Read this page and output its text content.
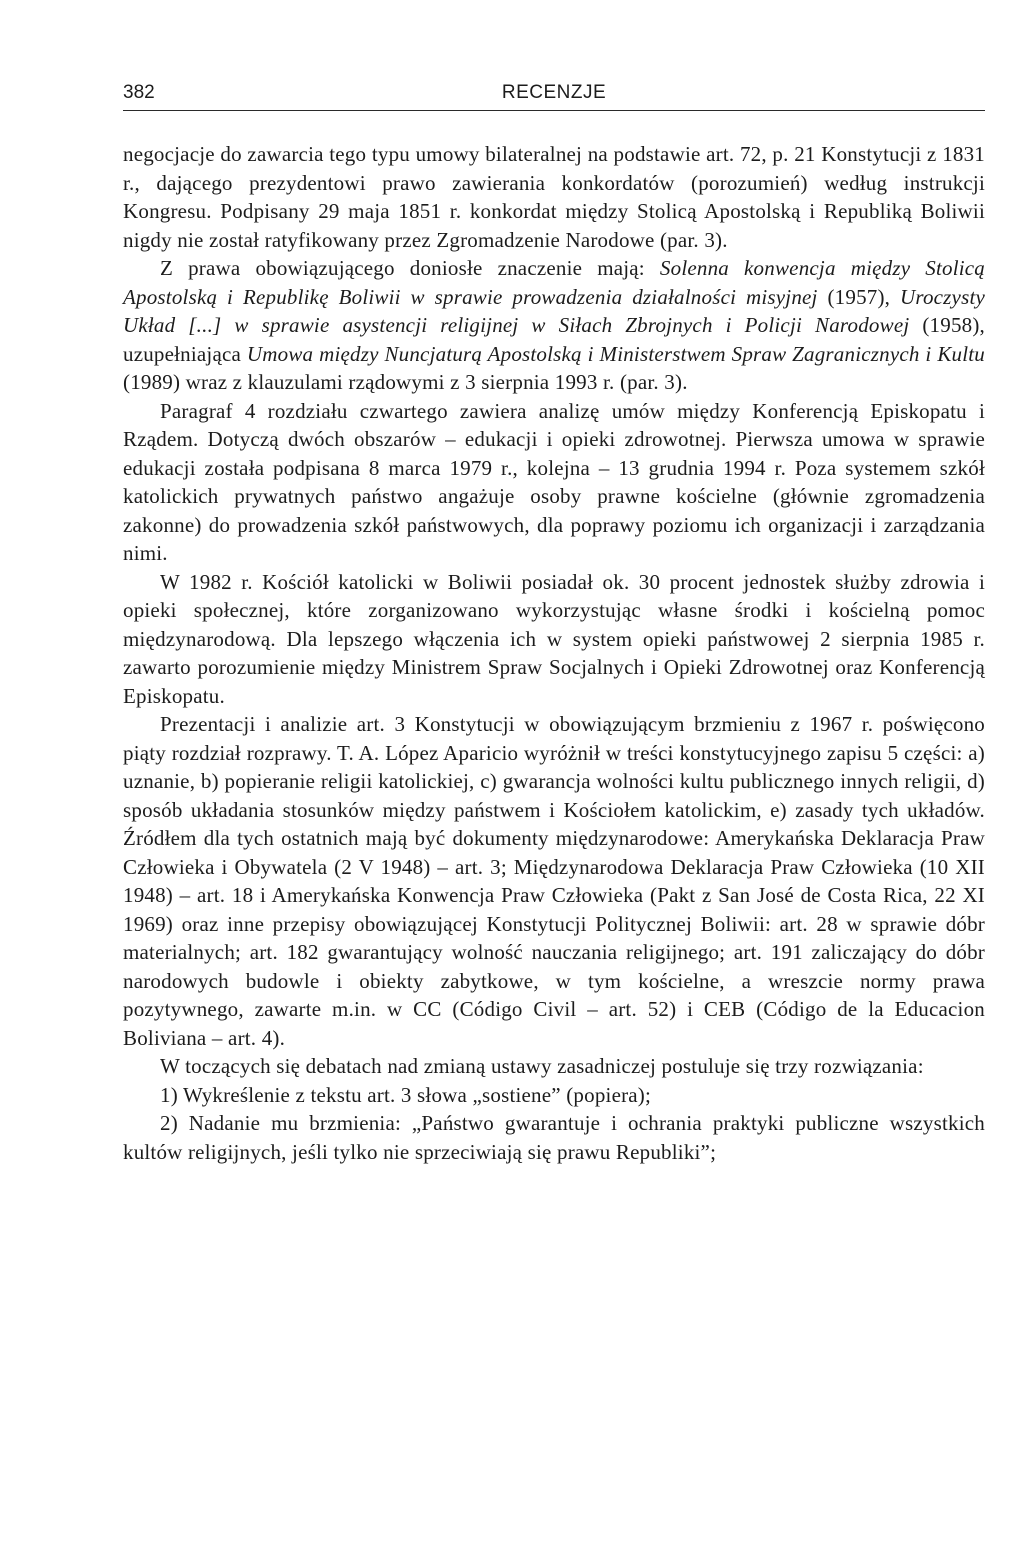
382	RECENZJE

negocjacje do zawarcia tego typu umowy bilateralnej na podstawie art. 72, p. 21 Konstytucji z 1831 r., dającego prezydentowi prawo zawierania konkordatów (porozumień) według instrukcji Kongresu. Podpisany 29 maja 1851 r. konkordat między Stolicą Apostolską i Republiką Boliwii nigdy nie został ratyfikowany przez Zgromadzenie Narodowe (par. 3).

Z prawa obowiązującego doniosłe znaczenie mają: Solenna konwencja między Stolicą Apostolską i Republikę Boliwii w sprawie prowadzenia działalności misyjnej (1957), Uroczysty Układ [...] w sprawie asystencji religijnej w Siłach Zbrojnych i Policji Narodowej (1958), uzupełniająca Umowa między Nuncjaturą Apostolską i Ministerstwem Spraw Zagranicznych i Kultu (1989) wraz z klauzulami rządowymi z 3 sierpnia 1993 r. (par. 3).

Paragraf 4 rozdziału czwartego zawiera analizę umów między Konferencją Episkopatu i Rządem. Dotyczą dwóch obszarów – edukacji i opieki zdrowotnej. Pierwsza umowa w sprawie edukacji została podpisana 8 marca 1979 r., kolejna – 13 grudnia 1994 r. Poza systemem szkół katolickich prywatnych państwo angażuje osoby prawne kościelne (głównie zgromadzenia zakonne) do prowadzenia szkół państwowych, dla poprawy poziomu ich organizacji i zarządzania nimi.

W 1982 r. Kościół katolicki w Boliwii posiadał ok. 30 procent jednostek służby zdrowia i opieki społecznej, które zorganizowano wykorzystując własne środki i kościelną pomoc międzynarodową. Dla lepszego włączenia ich w system opieki państwowej 2 sierpnia 1985 r. zawarto porozumienie między Ministrem Spraw Socjalnych i Opieki Zdrowotnej oraz Konferencją Episkopatu.

Prezentacji i analizie art. 3 Konstytucji w obowiązującym brzmieniu z 1967 r. poświęcono piąty rozdział rozprawy. T. A. López Aparicio wyróżnił w treści konstytucyjnego zapisu 5 części: a) uznanie, b) popieranie religii katolickiej, c) gwarancja wolności kultu publicznego innych religii, d) sposób układania stosunków między państwem i Kościołem katolickim, e) zasady tych układów. Źródłem dla tych ostatnich mają być dokumenty międzynarodowe: Amerykańska Deklaracja Praw Człowieka i Obywatela (2 V 1948) – art. 3; Międzynarodowa Deklaracja Praw Człowieka (10 XII 1948) – art. 18 i Amerykańska Konwencja Praw Człowieka (Pakt z San José de Costa Rica, 22 XI 1969) oraz inne przepisy obowiązującej Konstytucji Politycznej Boliwii: art. 28 w sprawie dóbr materialnych; art. 182 gwarantujący wolność nauczania religijnego; art. 191 zaliczający do dóbr narodowych budowle i obiekty zabytkowe, w tym kościelne, a wreszcie normy prawa pozytywnego, zawarte m.in. w CC (Código Civil – art. 52) i CEB (Código de la Educacion Boliviana – art. 4).

W toczących się debatach nad zmianą ustawy zasadniczej postuluje się trzy rozwiązania:

1) Wykreślenie z tekstu art. 3 słowa „sostiene” (popiera);

2) Nadanie mu brzmienia: „Państwo gwarantuje i ochrania praktyki publiczne wszystkich kultów religijnych, jeśli tylko nie sprzeciwiają się prawu Republiki”;
